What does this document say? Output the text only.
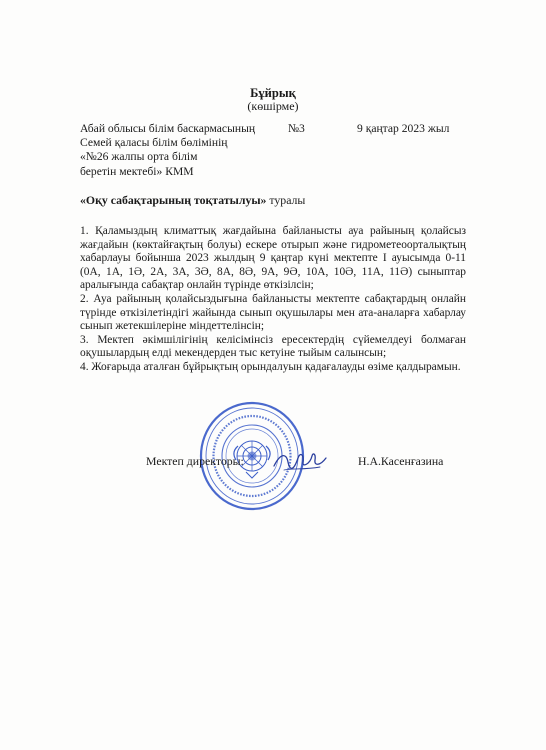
Бұйрық
(көшірме)
Абай облысы білім баскармасының
Семей қаласы білім бөлімінің
«№26 жалпы орта білім
беретін мектебі» КММ
№3	9 қаңтар 2023 жыл
«Оқу сабақтарының тоқтатылуы» туралы

1. Қаламыздың климаттық жағдайына байланысты ауа райының қолайсыз жағдайын (көктайғақтың болуы) ескере отырып және гидрометеоорталықтың хабарлауы бойынша 2023 жылдың 9 қаңтар күні мектепте I ауысымда 0-11 (0А, 1А, 1Ә, 2А, 3А, 3Ә, 8А, 8Ә, 9А, 9Ә, 10А, 10Ә, 11А, 11Ә) сыныптар аралығында сабақтар онлайн түрінде өткізілсін;

2. Ауа райының қолайсыздығына байланысты мектепте сабақтардың онлайн түрінде өткізілетіндігі жайында сынып оқушылары мен ата-аналарға хабарлау сынып жетекшілеріне міндеттелінсін;

3. Мектеп әкімшілігінің келісімінсіз ересектердің сүйемелдеуі болмаған оқушылардың елді мекендерден тыс кетуіне тыйым салынсын;

4. Жоғарыда аталған бұйрықтың орындалуын қадағалауды өзіме қалдырамын.

Мектеп директоры:	Н.А.Касенғазина
